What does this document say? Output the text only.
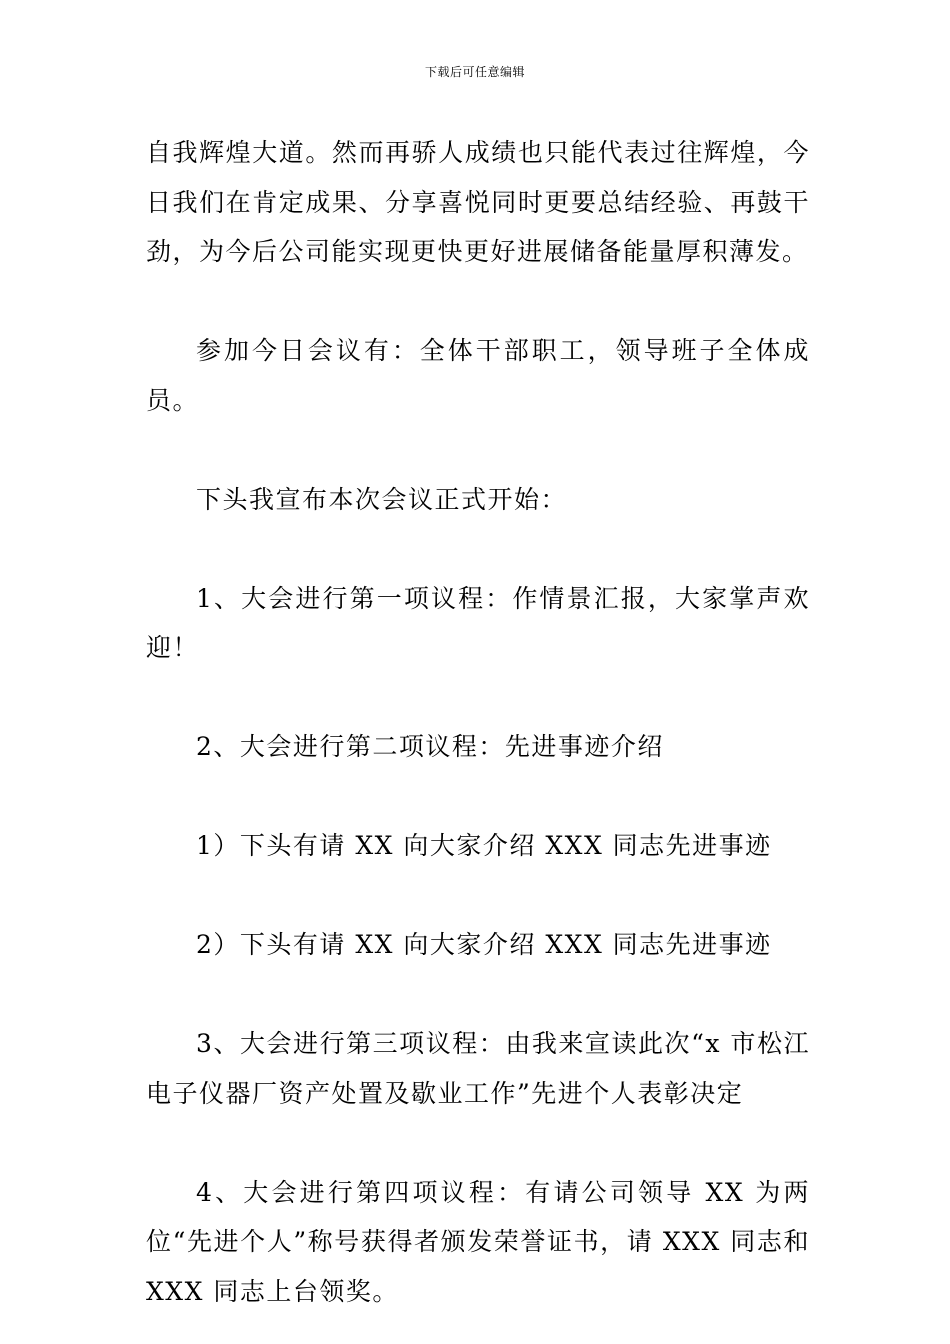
下载后可任意编辑

自我辉煌大道。然而再骄人成绩也只能代表过往辉煌，今日我们在肯定成果、分享喜悦同时更要总结经验、再鼓干劲，为今后公司能实现更快更好进展储备能量厚积薄发。

参加今日会议有：全体干部职工，领导班子全体成员。

下头我宣布本次会议正式开始：

1、大会进行第一项议程：作情景汇报，大家掌声欢迎！

2、大会进行第二项议程：先进事迹介绍

1）下头有请 XX 向大家介绍 XXX 同志先进事迹

2）下头有请 XX 向大家介绍 XXX 同志先进事迹

3、大会进行第三项议程：由我来宣读此次“x 市松江电子仪器厂资产处置及歇业工作”先进个人表彰决定

4、大会进行第四项议程：有请公司领导 XX 为两位“先进个人”称号获得者颁发荣誉证书，请 XXX 同志和 XXX 同志上台领奖。
